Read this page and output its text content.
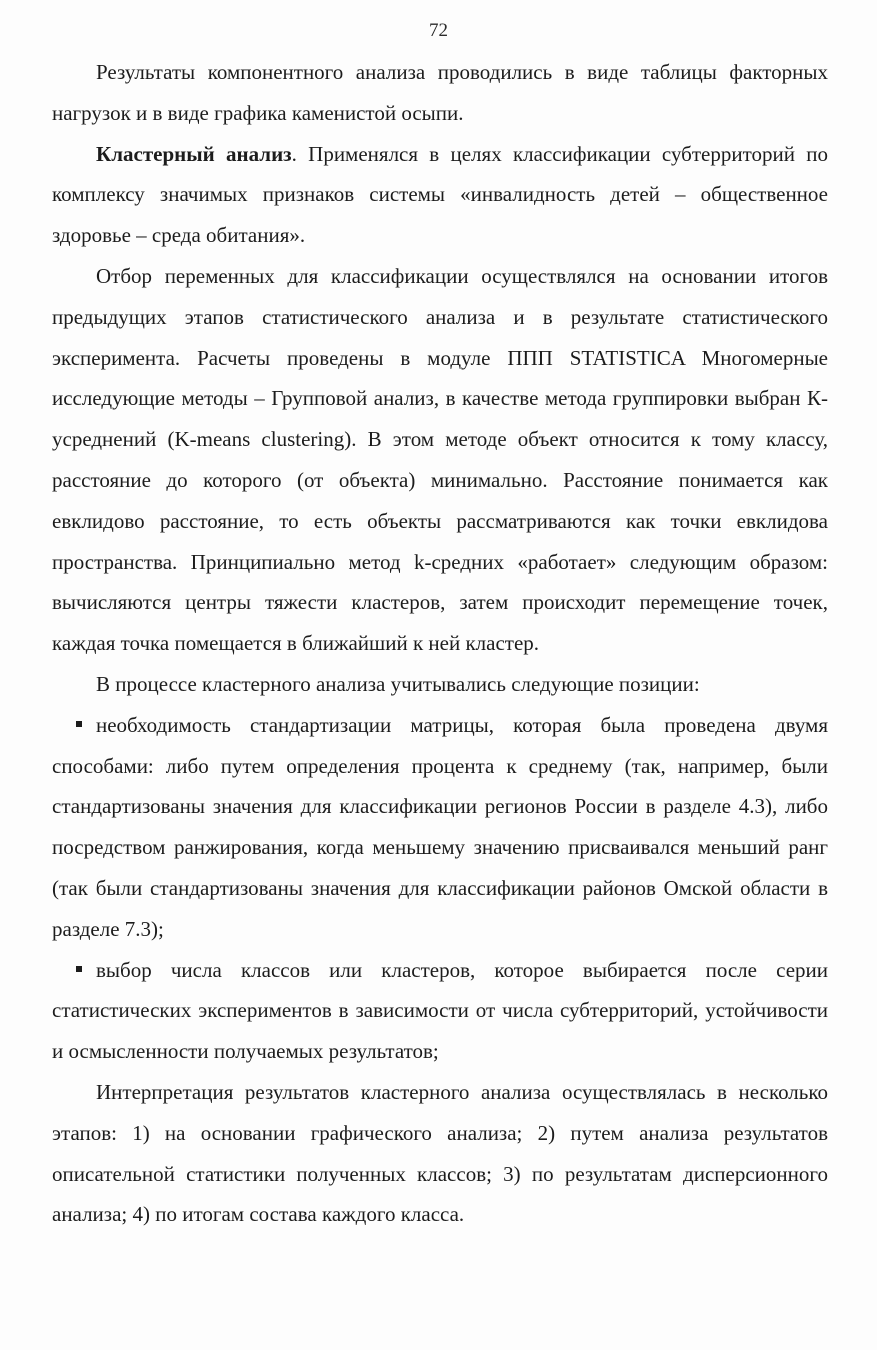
72

Результаты компонентного анализа проводились в виде таблицы факторных нагрузок и в виде графика каменистой осыпи.

Кластерный анализ. Применялся в целях классификации субтерриторий по комплексу значимых признаков системы «инвалидность детей – общественное здоровье – среда обитания».

Отбор переменных для классификации осуществлялся на основании итогов предыдущих этапов статистического анализа и в результате статистического эксперимента. Расчеты проведены в модуле ППП STATISTICA Многомерные исследующие методы – Групповой анализ, в качестве метода группировки выбран К-усреднений (K-means clustering). В этом методе объект относится к тому классу, расстояние до которого (от объекта) минимально. Расстояние понимается как евклидово расстояние, то есть объекты рассматриваются как точки евклидова пространства. Принципиально метод k-средних «работает» следующим образом: вычисляются центры тяжести кластеров, затем происходит перемещение точек, каждая точка помещается в ближайший к ней кластер.

В процессе кластерного анализа учитывались следующие позиции:

необходимость стандартизации матрицы, которая была проведена двумя способами: либо путем определения процента к среднему (так, например, были стандартизованы значения для классификации регионов России в разделе 4.3), либо посредством ранжирования, когда меньшему значению присваивался меньший ранг (так были стандартизованы значения для классификации районов Омской области в разделе 7.3);

выбор числа классов или кластеров, которое выбирается после серии статистических экспериментов в зависимости от числа субтерриторий, устойчивости и осмысленности получаемых результатов;

Интерпретация результатов кластерного анализа осуществлялась в несколько этапов: 1) на основании графического анализа; 2) путем анализа результатов описательной статистики полученных классов; 3) по результатам дисперсионного анализа; 4) по итогам состава каждого класса.
